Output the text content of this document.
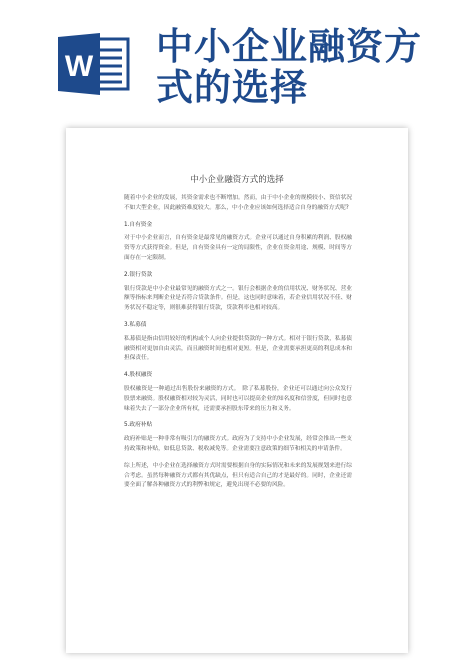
W 中小企业融资方式的选择
中小企业融资方式的选择

随着中小企业的发展，其资金需求也不断增加。然而，由于中小企业的规模较小、资信状况不如大型企业，因此融资难度较大。那么，中小企业应该如何选择适合自身的融资方式呢?

1.自有资金

对于中小企业而言，自有资金是最常见的融资方式。企业可以通过自身积累的利润、股权融资等方式获得资金。但是，自有资金具有一定的局限性，企业在资金用途、规模、时间等方面存在一定限制。

2.银行贷款

银行贷款是中小企业最常见的融资方式之一。银行会根据企业的信用状况、财务状况、营业额等指标来判断企业是否符合贷款条件。但是，这也同时意味着，若企业信用状况不佳、财务状况不稳定等，则很难获得银行贷款，贷款利率也相对较高。

3.私募债

私募债是指由信用较好的机构或个人向企业提供贷款的一种方式。相对于银行贷款，私募债融资相对更加自由灵活，而且融资时间也相对更短。但是，企业需要承担更高的利息成本和担保责任。

4.股权融资

股权融资是一种通过出售股份来融资的方式。　除了私募股份，企业还可以通过向公众发行股票来融资。股权融资相对较为灵活，同时也可以提高企业的知名度和信誉度，但同时也意味着失去了一部分企业所有权，还需要承担股东带来的压力和义务。

5.政府补贴

政府补贴是一种非常有吸引力的融资方式。政府为了支持中小企业发展，经常会推出一些支持政策和补贴，如低息贷款、税收减免等。企业需要注意政策的细节和相关的申请条件。

综上所述，中小企业在选择融资方式时需要根据自身的实际情况和未来的发展规划来进行综合考虑。虽然每种融资方式都有其优缺点，但只有适合自己的才是最好的。同时，企业还需要全面了解各种融资方式的利弊和规定，避免出现不必要的风险。
